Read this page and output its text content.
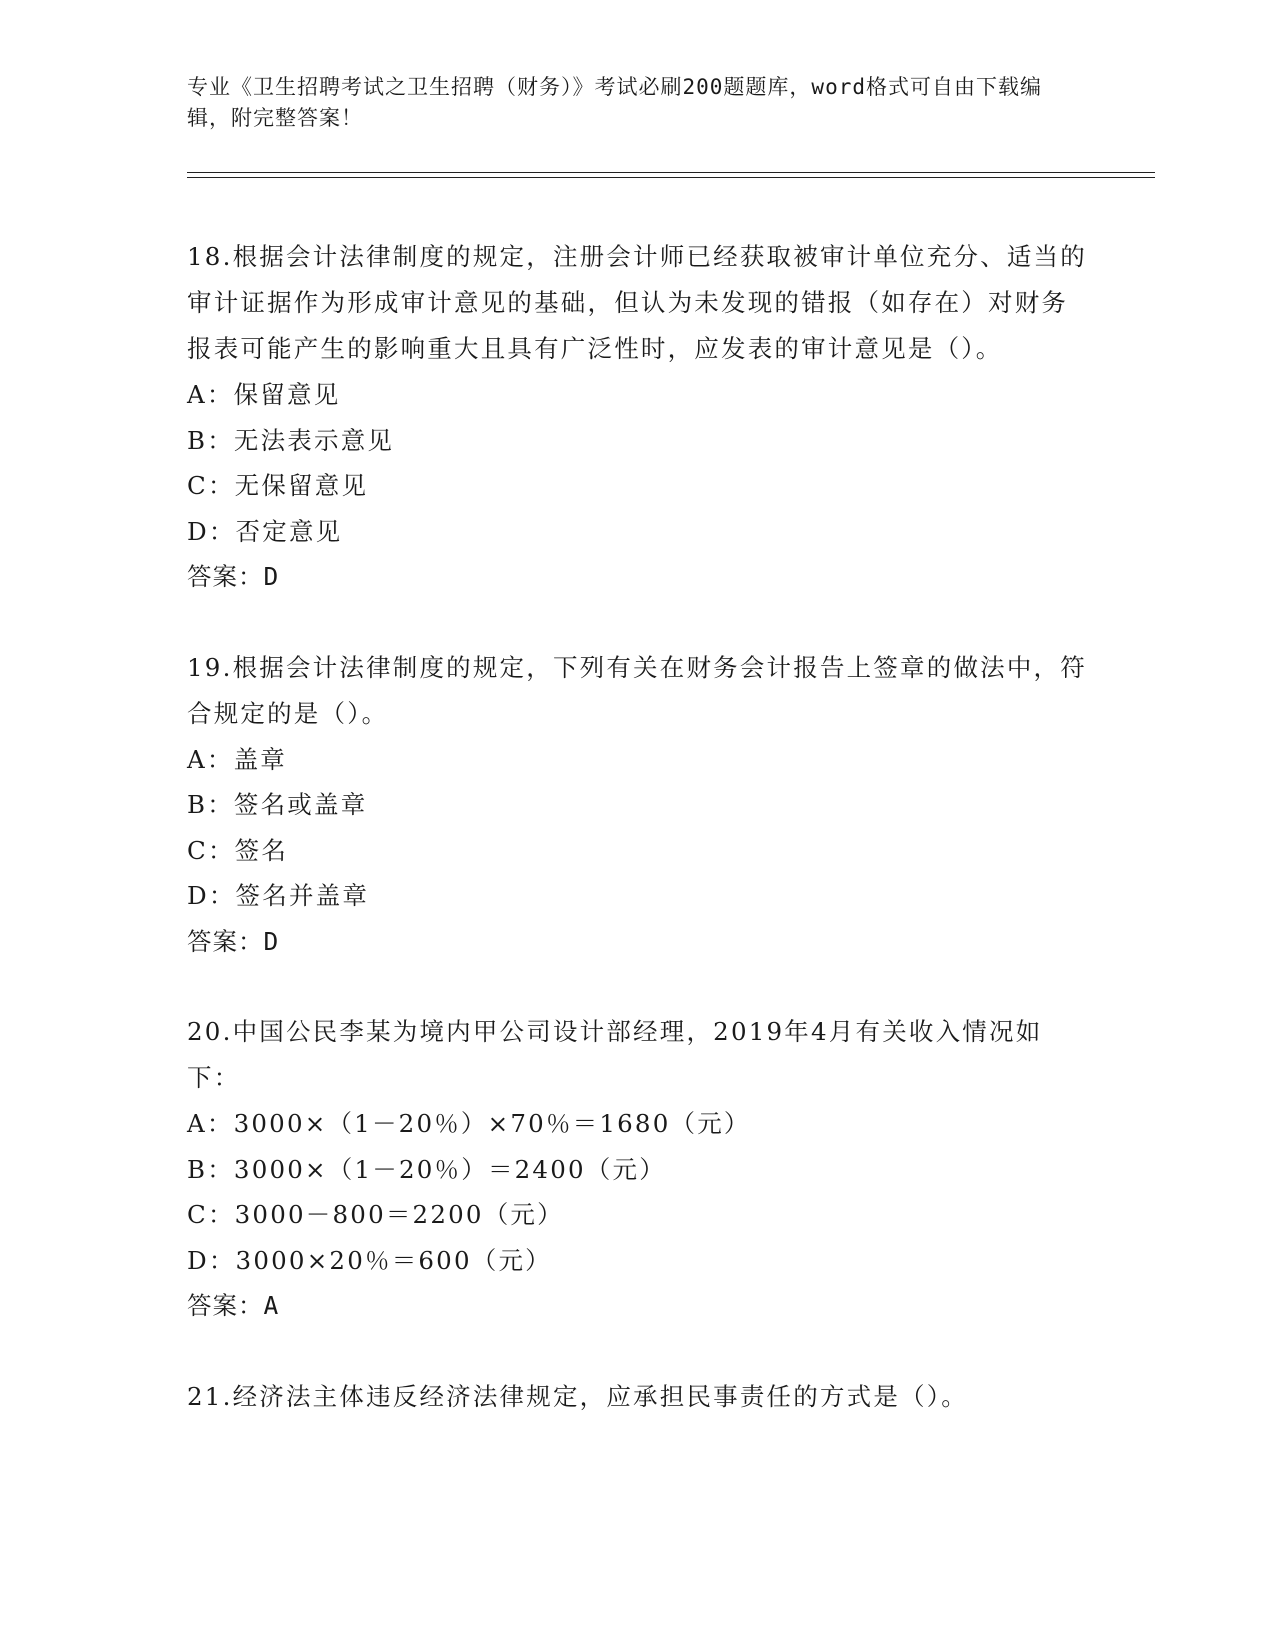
专业《卫生招聘考试之卫生招聘（财务）》考试必刷200题题库，word格式可自由下载编辑，附完整答案！

18.根据会计法律制度的规定，注册会计师已经获取被审计单位充分、适当的审计证据作为形成审计意见的基础，但认为未发现的错报（如存在）对财务报表可能产生的影响重大且具有广泛性时，应发表的审计意见是（）。

A：保留意见

B：无法表示意见

C：无保留意见

D：否定意见

答案：D

19.根据会计法律制度的规定，下列有关在财务会计报告上签章的做法中，符合规定的是（）。

A：盖章

B：签名或盖章

C：签名

D：签名并盖章

答案：D

20.中国公民李某为境内甲公司设计部经理，2019年4月有关收入情况如下：

A：3000×（1－20％）×70％＝1680（元）

B：3000×（1－20％）＝2400（元）

C：3000－800＝2200（元）

D：3000×20％＝600（元）

答案：A

21.经济法主体违反经济法律规定，应承担民事责任的方式是（）。
